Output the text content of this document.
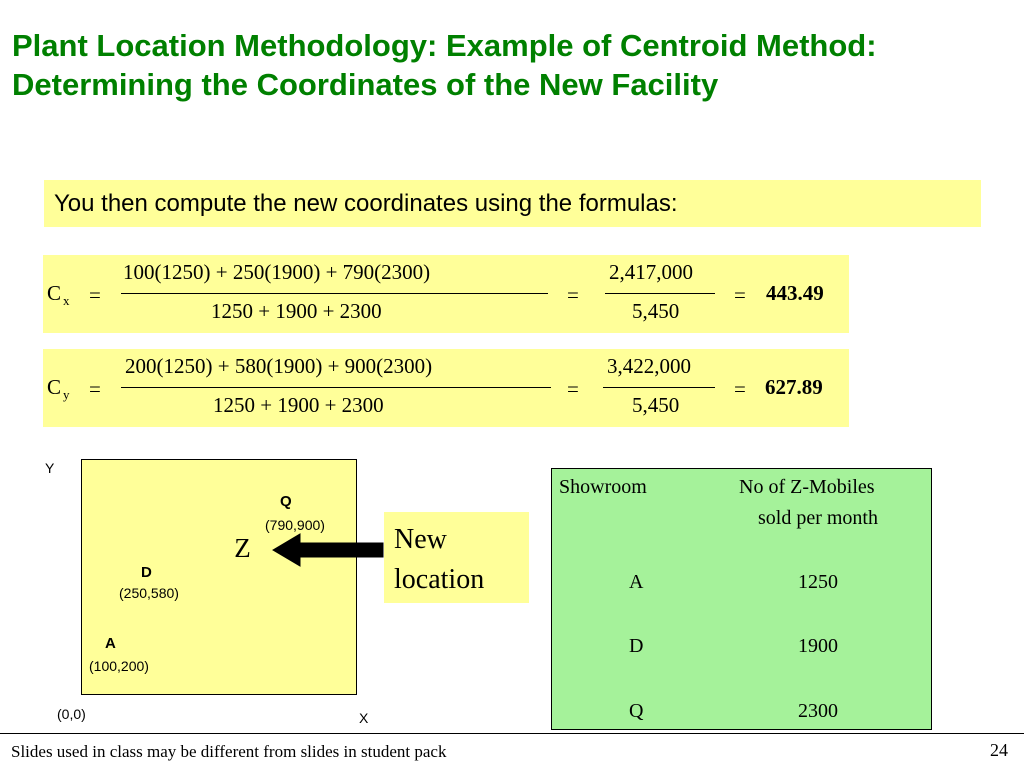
Plant Location Methodology: Example of Centroid Method: Determining the Coordinates of the New Facility
You then compute the new coordinates using the formulas:
C $_x$ =
100(1250) + 250(1900) + 790(2300)
1250 + 1900 + 2300
=
2,417,000
5,450
= 443.49
C $_y$ =
200(1250) + 580(1900) + 900(2300)
1250 + 1900 + 2300
=
3,422,000
5,450
= 627.89
Y
(0,0)	X
Q
(790,900)
D
(250,580)
A
(100,200)
Z	New location
Showroom	No of Z-Mobiles
sold per month
A	1250
D	1900
Q	2300
Slides used in class may be different from slides in student pack	24
